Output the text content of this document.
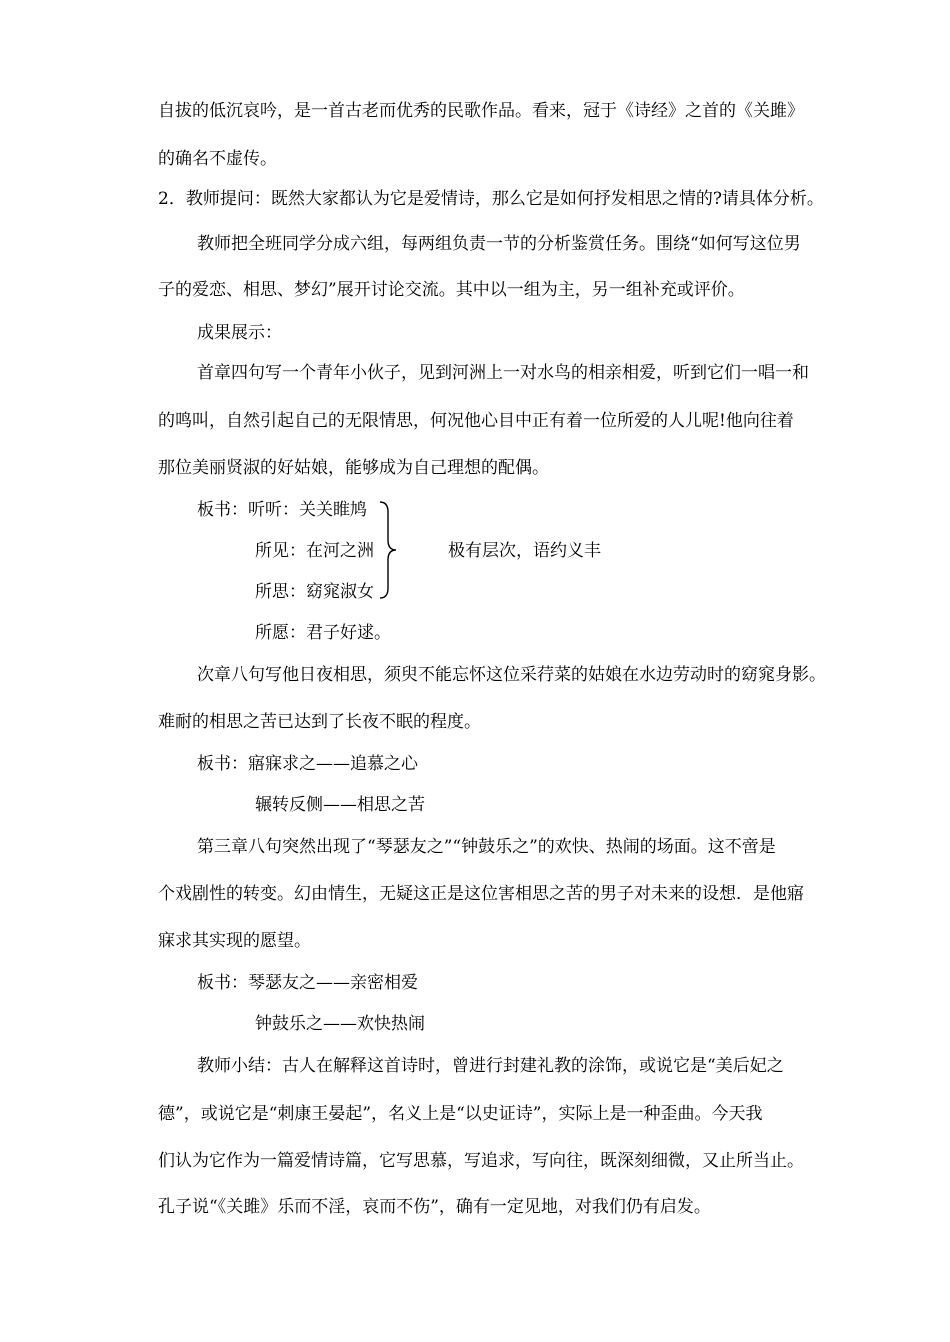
自拔的低沉哀吟，是一首古老而优秀的民歌作品。看来，冠于《诗经》之首的《关雎》
的确名不虚传。
2．教师提问：既然大家都认为它是爱情诗，那么它是如何抒发相思之情的?请具体分析。
教师把全班同学分成六组，每两组负责一节的分析鉴赏任务。围绕“如何写这位男
子的爱恋、相思、梦幻”展开讨论交流。其中以一组为主，另一组补充或评价。
成果展示：
首章四句写一个青年小伙子，见到河洲上一对水鸟的相亲相爱，听到它们一唱一和
的鸣叫，自然引起自己的无限情思，何况他心目中正有着一位所爱的人儿呢!他向往着
那位美丽贤淑的好姑娘，能够成为自己理想的配偶。
板书：听听：关关睢鸠
所见：在河之洲
所思：窈窕淑女
所愿：君子好逑。
极有层次，语约义丰
次章八句写他日夜相思，须臾不能忘怀这位采荇菜的姑娘在水边劳动时的窈窕身影。
难耐的相思之苦已达到了长夜不眠的程度。
板书：寤寐求之——追慕之心
辗转反侧——相思之苦
第三章八句突然出现了“琴瑟友之”“钟鼓乐之”的欢快、热闹的场面。这不啻是
个戏剧性的转变。幻由情生，无疑这正是这位害相思之苦的男子对未来的设想．是他寤
寐求其实现的愿望。
板书：琴瑟友之——亲密相爱
钟鼓乐之——欢快热闹
教师小结：古人在解释这首诗时，曾进行封建礼教的涂饰，或说它是“美后妃之
德”，或说它是“刺康王晏起”，名义上是“以史证诗”，实际上是一种歪曲。今天我
们认为它作为一篇爱情诗篇，它写思慕，写追求，写向往，既深刻细微，又止所当止。
孔子说“《关雎》乐而不淫，哀而不伤”，确有一定见地，对我们仍有启发。
